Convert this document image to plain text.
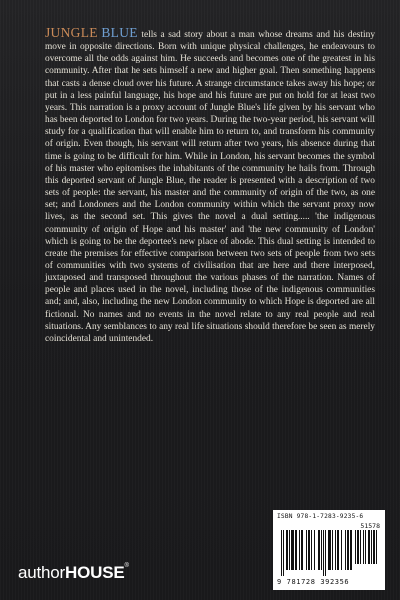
JUNGLE BLUE tells a sad story about a man whose dreams and his destiny move in opposite directions. Born with unique physical challenges, he endeavours to overcome all the odds against him. He succeeds and becomes one of the greatest in his community. After that he sets himself a new and higher goal. Then something happens that casts a dense cloud over his future. A strange circumstance takes away his hope; or put in a less painful language, his hope and his future are put on hold for at least two years. This narration is a proxy account of Jungle Blue's life given by his servant who has been deported to London for two years. During the two-year period, his servant will study for a qualification that will enable him to return to, and transform his community of origin. Even though, his servant will return after two years, his absence during that time is going to be difficult for him. While in London, his servant becomes the symbol of his master who epitomises the inhabitants of the community he hails from. Through this deported servant of Jungle Blue, the reader is presented with a description of two sets of people: the servant, his master and the community of origin of the two, as one set; and Londoners and the London community within which the servant proxy now lives, as the second set. This gives the novel a dual setting..... 'the indigenous community of origin of Hope and his master' and 'the new community of London' which is going to be the deportee's new place of abode. This dual setting is intended to create the premises for effective comparison between two sets of people from two sets of communities with two systems of civilisation that are here and there interposed, juxtaposed and transposed throughout the various phases of the narration. Names of people and places used in the novel, including those of the indigenous communities and; and, also, including the new London community to which Hope is deported are all fictional. No names and no events in the novel relate to any real people and real situations. Any semblances to any real life situations should therefore be seen as merely coincidental and unintended.

authorHOUSE®
ISBN 978-1-7283-9235-6
51578
9 781728 392356
